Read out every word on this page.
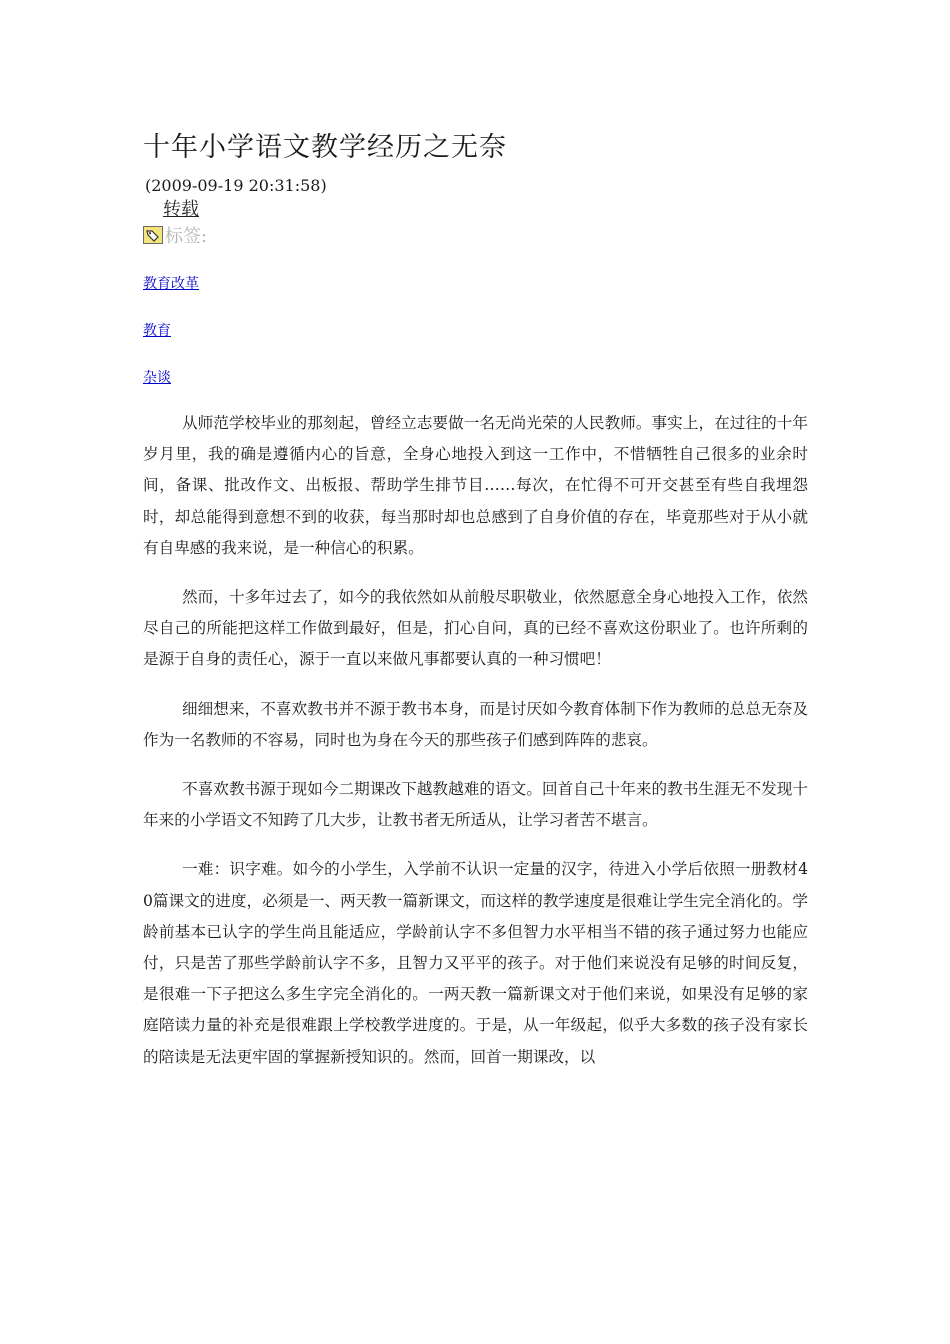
十年小学语文教学经历之无奈
(2009-09-19 20:31:58)
转载
标签:
教育改革
教育
杂谈

从师范学校毕业的那刻起，曾经立志要做一名无尚光荣的人民教师。事实上，在过往的十年岁月里，我的确是遵循内心的旨意，全身心地投入到这一工作中，不惜牺牲自己很多的业余时间，备课、批改作文、出板报、帮助学生排节目……每次，在忙得不可开交甚至有些自我埋怨时，却总能得到意想不到的收获，每当那时却也总感到了自身价值的存在，毕竟那些对于从小就有自卑感的我来说，是一种信心的积累。

然而，十多年过去了，如今的我依然如从前般尽职敬业，依然愿意全身心地投入工作，依然尽自己的所能把这样工作做到最好，但是，扪心自问，真的已经不喜欢这份职业了。也许所剩的是源于自身的责任心，源于一直以来做凡事都要认真的一种习惯吧！

细细想来，不喜欢教书并不源于教书本身，而是讨厌如今教育体制下作为教师的总总无奈及作为一名教师的不容易，同时也为身在今天的那些孩子们感到阵阵的悲哀。

不喜欢教书源于现如今二期课改下越教越难的语文。回首自己十年来的教书生涯无不发现十年来的小学语文不知跨了几大步，让教书者无所适从，让学习者苦不堪言。

一难：识字难。如今的小学生，入学前不认识一定量的汉字，待进入小学后依照一册教材40篇课文的进度，必须是一、两天教一篇新课文，而这样的教学速度是很难让学生完全消化的。学龄前基本已认字的学生尚且能适应，学龄前认字不多但智力水平相当不错的孩子通过努力也能应付，只是苦了那些学龄前认字不多，且智力又平平的孩子。对于他们来说没有足够的时间反复，是很难一下子把这么多生字完全消化的。一两天教一篇新课文对于他们来说，如果没有足够的家庭陪读力量的补充是很难跟上学校教学进度的。于是，从一年级起，似乎大多数的孩子没有家长的陪读是无法更牢固的掌握新授知识的。然而，回首一期课改，以
